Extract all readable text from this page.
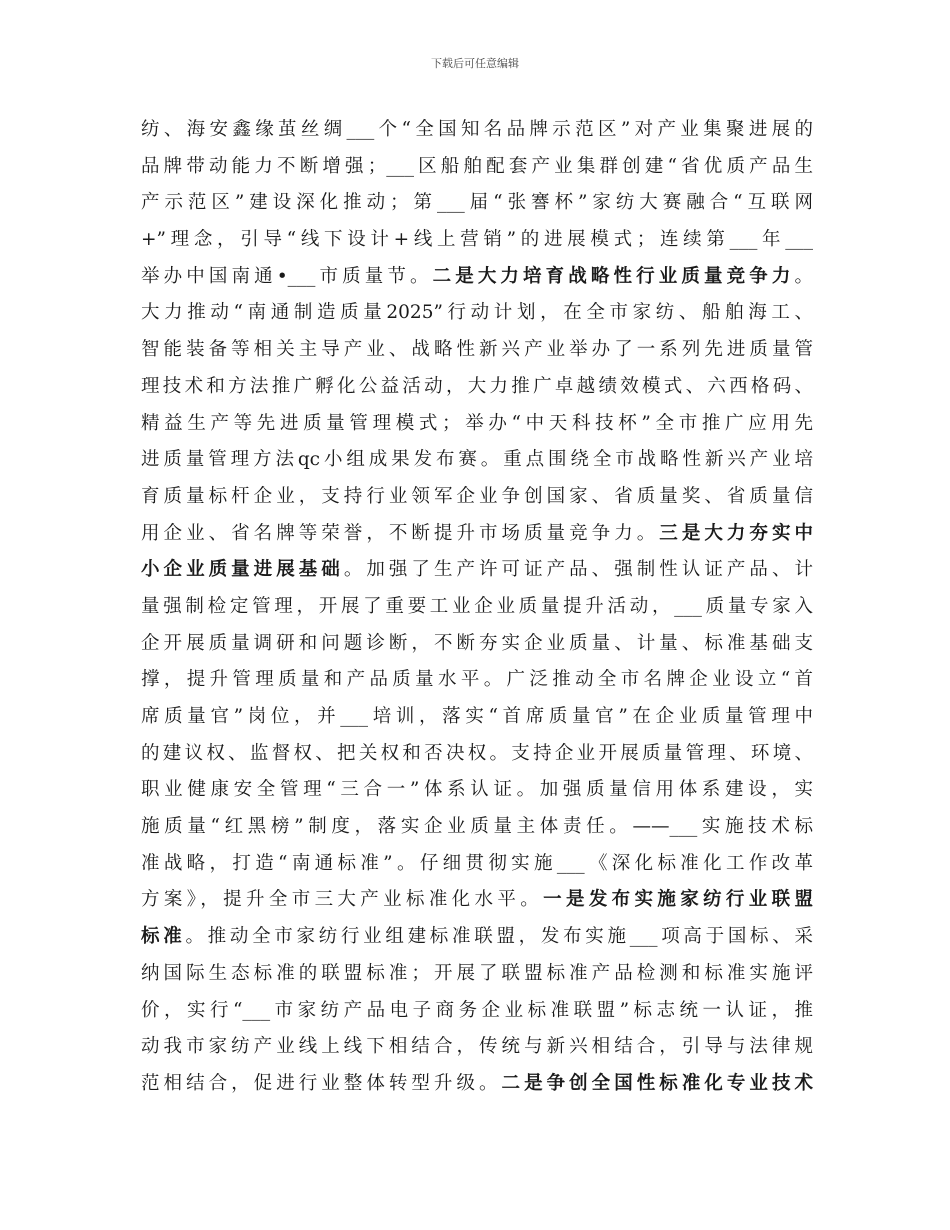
下载后可任意编辑
纺、海安鑫缘茧丝绸___个“全国知名品牌示范区”对产业集聚进展的
品牌带动能力不断增强；___区船舶配套产业集群创建“省优质产品生
产示范区”建设深化推动；第___届“张謇杯”家纺大赛融合“互联网
+”理念，引导“线下设计+线上营销”的进展模式；连续第___年___
举办中国南通•___市质量节。二是大力培育战略性行业质量竞争力。
大力推动“南通制造质量2025”行动计划，在全市家纺、船舶海工、
智能装备等相关主导产业、战略性新兴产业举办了一系列先进质量管
理技术和方法推广孵化公益活动，大力推广卓越绩效模式、六西格码、
精益生产等先进质量管理模式；举办“中天科技杯”全市推广应用先
进质量管理方法qc小组成果发布赛。重点围绕全市战略性新兴产业培
育质量标杆企业，支持行业领军企业争创国家、省质量奖、省质量信
用企业、省名牌等荣誉，不断提升市场质量竞争力。三是大力夯实中
小企业质量进展基础。加强了生产许可证产品、强制性认证产品、计
量强制检定管理，开展了重要工业企业质量提升活动，___质量专家入
企开展质量调研和问题诊断，不断夯实企业质量、计量、标准基础支
撑，提升管理质量和产品质量水平。广泛推动全市名牌企业设立“首
席质量官”岗位，并___培训，落实“首席质量官”在企业质量管理中
的建议权、监督权、把关权和否决权。支持企业开展质量管理、环境、
职业健康安全管理“三合一”体系认证。加强质量信用体系建设，实
施质量“红黑榜”制度，落实企业质量主体责任。——___实施技术标
准战略，打造“南通标准”。仔细贯彻实施___《深化标准化工作改革
方案》，提升全市三大产业标准化水平。一是发布实施家纺行业联盟
标准。推动全市家纺行业组建标准联盟，发布实施___项高于国标、采
纳国际生态标准的联盟标准；开展了联盟标准产品检测和标准实施评
价，实行“___市家纺产品电子商务企业标准联盟”标志统一认证，推
动我市家纺产业线上线下相结合，传统与新兴相结合，引导与法律规
范相结合，促进行业整体转型升级。二是争创全国性标准化专业技术
